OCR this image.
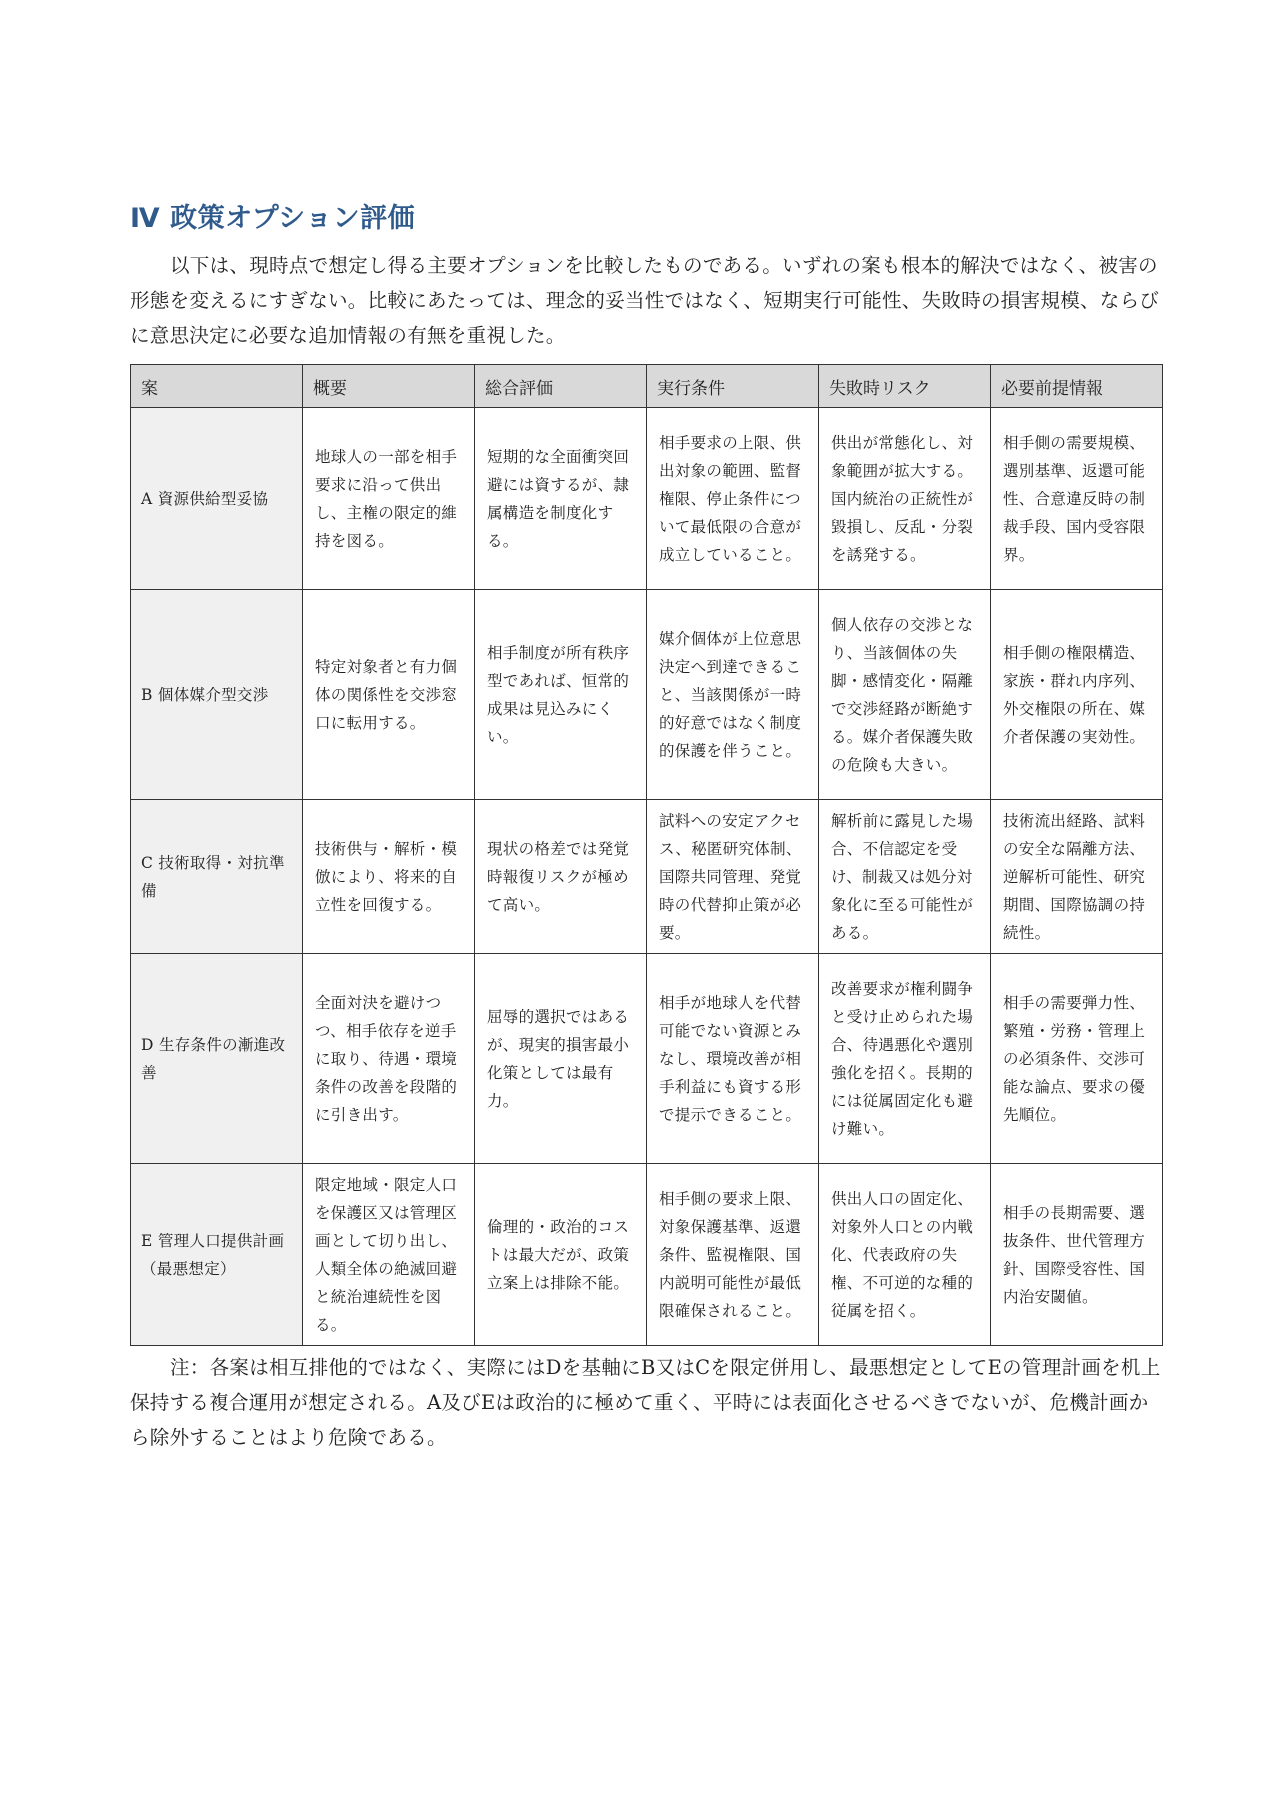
Ⅳ 政策オプション評価

以下は、現時点で想定し得る主要オプションを比較したものである。いずれの案も根本的解決ではなく、被害の形態を変えるにすぎない。比較にあたっては、理念的妥当性ではなく、短期実行可能性、失敗時の損害規模、ならびに意思決定に必要な追加情報の有無を重視した。

案	概要	総合評価	実行条件	失敗時リスク	必要前提情報
A 資源供給型妥協	地球人の一部を相手要求に沿って供出し、主権の限定的維持を図る。	短期的な全面衝突回避には資するが、隷属構造を制度化する。	相手要求の上限、供出対象の範囲、監督権限、停止条件について最低限の合意が成立していること。	供出が常態化し、対象範囲が拡大する。国内統治の正統性が毀損し、反乱・分裂を誘発する。	相手側の需要規模、選別基準、返還可能性、合意違反時の制裁手段、国内受容限界。
B 個体媒介型交渉	特定対象者と有力個体の関係性を交渉窓口に転用する。	相手制度が所有秩序型であれば、恒常的成果は見込みにくい。	媒介個体が上位意思決定へ到達できること、当該関係が一時的好意ではなく制度的保護を伴うこと。	個人依存の交渉となり、当該個体の失脚・感情変化・隔離で交渉経路が断絶する。媒介者保護失敗の危険も大きい。	相手側の権限構造、家族・群れ内序列、外交権限の所在、媒介者保護の実効性。
C 技術取得・対抗準備	技術供与・解析・模倣により、将来的自立性を回復する。	現状の格差では発覚時報復リスクが極めて高い。	試料への安定アクセス、秘匿研究体制、国際共同管理、発覚時の代替抑止策が必要。	解析前に露見した場合、不信認定を受け、制裁又は処分対象化に至る可能性がある。	技術流出経路、試料の安全な隔離方法、逆解析可能性、研究期間、国際協調の持続性。
D 生存条件の漸進改善	全面対決を避けつつ、相手依存を逆手に取り、待遇・環境条件の改善を段階的に引き出す。	屈辱的選択ではあるが、現実的損害最小化策としては最有力。	相手が地球人を代替可能でない資源とみなし、環境改善が相手利益にも資する形で提示できること。	改善要求が権利闘争と受け止められた場合、待遇悪化や選別強化を招く。長期的には従属固定化も避け難い。	相手の需要弾力性、繁殖・労務・管理上の必須条件、交渉可能な論点、要求の優先順位。
E 管理人口提供計画（最悪想定）	限定地域・限定人口を保護区又は管理区画として切り出し、人類全体の絶滅回避と統治連続性を図る。	倫理的・政治的コストは最大だが、政策立案上は排除不能。	相手側の要求上限、対象保護基準、返還条件、監視権限、国内説明可能性が最低限確保されること。	供出人口の固定化、対象外人口との内戦化、代表政府の失権、不可逆的な種的従属を招く。	相手の長期需要、選抜条件、世代管理方針、国際受容性、国内治安閾値。

注：各案は相互排他的ではなく、実際にはDを基軸にB又はCを限定併用し、最悪想定としてEの管理計画を机上保持する複合運用が想定される。A及びEは政治的に極めて重く、平時には表面化させるべきでないが、危機計画から除外することはより危険である。
